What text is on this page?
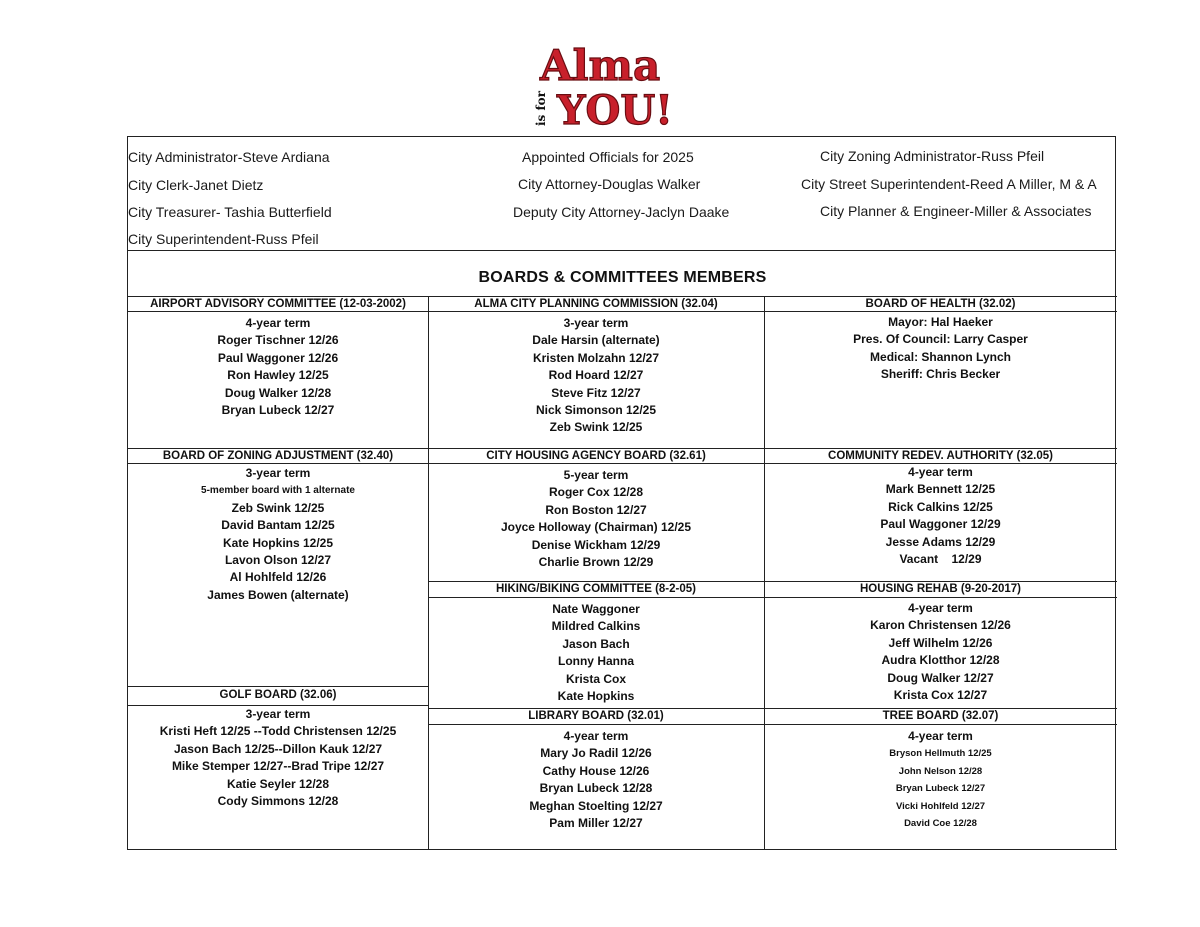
Alma
is for YOU!
City Administrator-Steve Ardiana
City Clerk-Janet Dietz
City Treasurer- Tashia Butterfield
City Superintendent-Russ Pfeil
Appointed Officials for 2025
City Attorney-Douglas Walker
Deputy City Attorney-Jaclyn Daake
City Zoning Administrator-Russ Pfeil
City Street Superintendent-Reed A Miller, M & A
City Planner & Engineer-Miller & Associates
BOARDS & COMMITTEES MEMBERS
AIRPORT ADVISORY COMMITTEE (12-03-2002)
4-year term
Roger Tischner 12/26
Paul Waggoner 12/26
Ron Hawley 12/25
Doug Walker 12/28
Bryan Lubeck 12/27
ALMA CITY PLANNING COMMISSION (32.04)
3-year term
Dale Harsin (alternate)
Kristen Molzahn 12/27
Rod Hoard 12/27
Steve Fitz 12/27
Nick Simonson 12/25
Zeb Swink 12/25
BOARD OF HEALTH (32.02)
Mayor: Hal Haeker
Pres. Of Council: Larry Casper
Medical: Shannon Lynch
Sheriff: Chris Becker
BOARD OF ZONING ADJUSTMENT (32.40)
3-year term
5-member board with 1 alternate
Zeb Swink 12/25
David Bantam 12/25
Kate Hopkins 12/25
Lavon Olson 12/27
Al Hohlfeld 12/26
James Bowen (alternate)
CITY HOUSING AGENCY BOARD (32.61)
5-year term
Roger Cox 12/28
Ron Boston 12/27
Joyce Holloway (Chairman) 12/25
Denise Wickham 12/29
Charlie Brown 12/29
COMMUNITY REDEV. AUTHORITY (32.05)
4-year term
Mark Bennett 12/25
Rick Calkins 12/25
Paul Waggoner 12/29
Jesse Adams 12/29
Vacant    12/29
HIKING/BIKING COMMITTEE (8-2-05)
Nate Waggoner
Mildred Calkins
Jason Bach
Lonny Hanna
Krista Cox
Kate Hopkins
HOUSING REHAB (9-20-2017)
4-year term
Karon Christensen 12/26
Jeff Wilhelm 12/26
Audra Klotthor 12/28
Doug Walker 12/27
Krista Cox 12/27
GOLF BOARD (32.06)
3-year term
Kristi Heft 12/25 --Todd Christensen 12/25
Jason Bach 12/25--Dillon Kauk 12/27
Mike Stemper 12/27--Brad Tripe 12/27
Katie Seyler 12/28
Cody Simmons 12/28
LIBRARY BOARD (32.01)
4-year term
Mary Jo Radil 12/26
Cathy House 12/26
Bryan Lubeck 12/28
Meghan Stoelting 12/27
Pam Miller 12/27
TREE BOARD (32.07)
4-year term
Bryson Hellmuth 12/25
John Nelson 12/28
Bryan Lubeck 12/27
Vicki Hohlfeld 12/27
David Coe 12/28
